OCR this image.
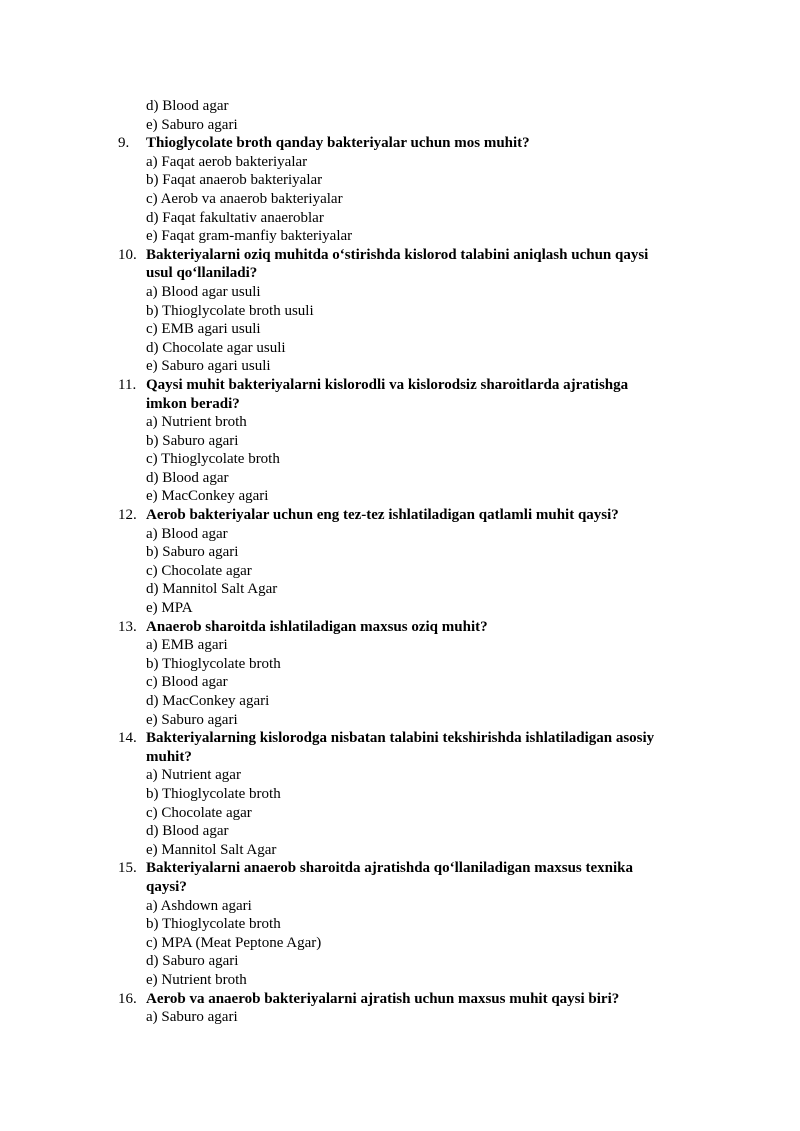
d) Blood agar
e) Saburo agari
9. Thioglycolate broth qanday bakteriyalar uchun mos muhit?
a) Faqat aerob bakteriyalar
b) Faqat anaerob bakteriyalar
c) Aerob va anaerob bakteriyalar
d) Faqat fakultativ anaeroblar
e) Faqat gram-manfiy bakteriyalar
10. Bakteriyalarni oziq muhitda o‘stirishda kislorod talabini aniqlash uchun qaysi
usul qo‘llaniladi?
a) Blood agar usuli
b) Thioglycolate broth usuli
c) EMB agari usuli
d) Chocolate agar usuli
e) Saburo agari usuli
11. Qaysi muhit bakteriyalarni kislorodli va kislorodsiz sharoitlarda ajratishga
imkon beradi?
a) Nutrient broth
b) Saburo agari
c) Thioglycolate broth
d) Blood agar
e) MacConkey agari
12. Aerob bakteriyalar uchun eng tez-tez ishlatiladigan qatlamli muhit qaysi?
a) Blood agar
b) Saburo agari
c) Chocolate agar
d) Mannitol Salt Agar
e) MPA
13. Anaerob sharoitda ishlatiladigan maxsus oziq muhit?
a) EMB agari
b) Thioglycolate broth
c) Blood agar
d) MacConkey agari
e) Saburo agari
14. Bakteriyalarning kislorodga nisbatan talabini tekshirishda ishlatiladigan asosiy
muhit?
a) Nutrient agar
b) Thioglycolate broth
c) Chocolate agar
d) Blood agar
e) Mannitol Salt Agar
15. Bakteriyalarni anaerob sharoitda ajratishda qo‘llaniladigan maxsus texnika
qaysi?
a) Ashdown agari
b) Thioglycolate broth
c) MPA (Meat Peptone Agar)
d) Saburo agari
e) Nutrient broth
16. Aerob va anaerob bakteriyalarni ajratish uchun maxsus muhit qaysi biri?
a) Saburo agari
